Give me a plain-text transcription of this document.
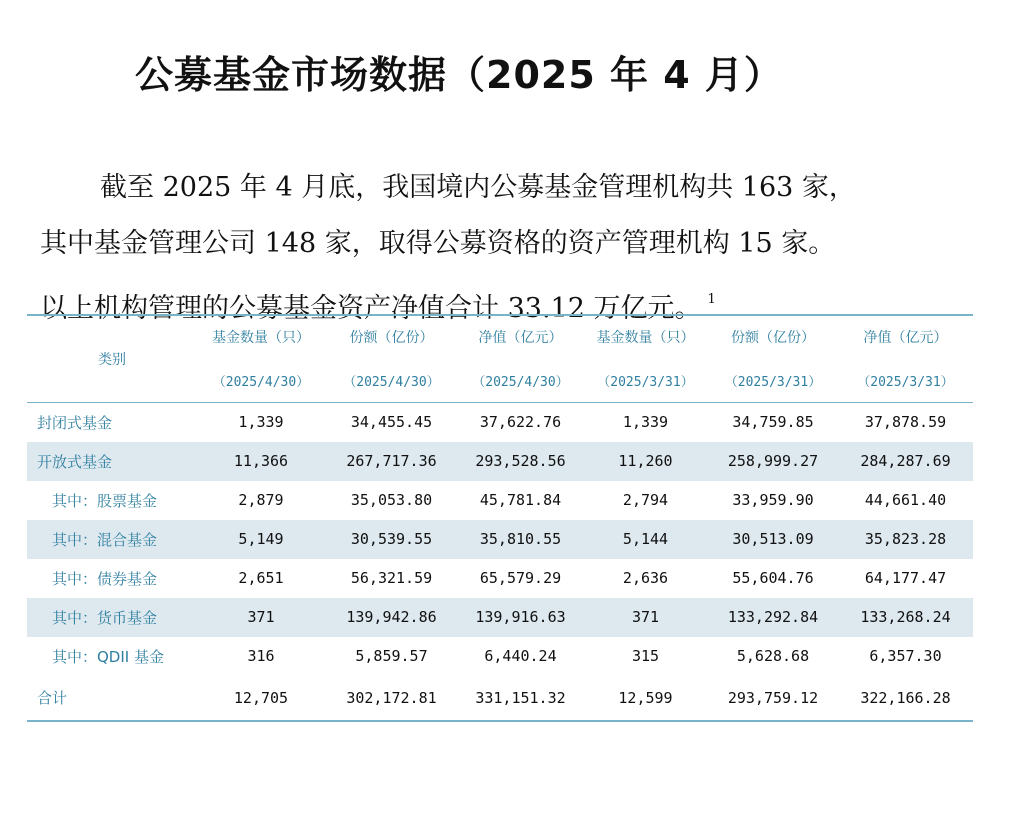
公募基金市场数据（2025 年 4 月）
截至 2025 年 4 月底，我国境内公募基金管理机构共 163 家，
其中基金管理公司 148 家，取得公募资格的资产管理机构 15 家。
以上机构管理的公募基金资产净值合计 33.12 万亿元。 $^1$
类别	基金数量（只）	份额（亿份）	净值（亿元）	基金数量（只）	份额（亿份）	净值（亿元）
	（2025/4/30）	（2025/4/30）	（2025/4/30）	（2025/3/31）	（2025/3/31）	（2025/3/31）
封闭式基金	1,339	34,455.45	37,622.76	1,339	34,759.85	37,878.59
开放式基金	11,366	267,717.36	293,528.56	11,260	258,999.27	284,287.69
其中：股票基金	2,879	35,053.80	45,781.84	2,794	33,959.90	44,661.40
其中：混合基金	5,149	30,539.55	35,810.55	5,144	30,513.09	35,823.28
其中：债券基金	2,651	56,321.59	65,579.29	2,636	55,604.76	64,177.47
其中：货币基金	371	139,942.86	139,916.63	371	133,292.84	133,268.24
其中：QDII 基金	316	5,859.57	6,440.24	315	5,628.68	6,357.30
合计	12,705	302,172.81	331,151.32	12,599	293,759.12	322,166.28
